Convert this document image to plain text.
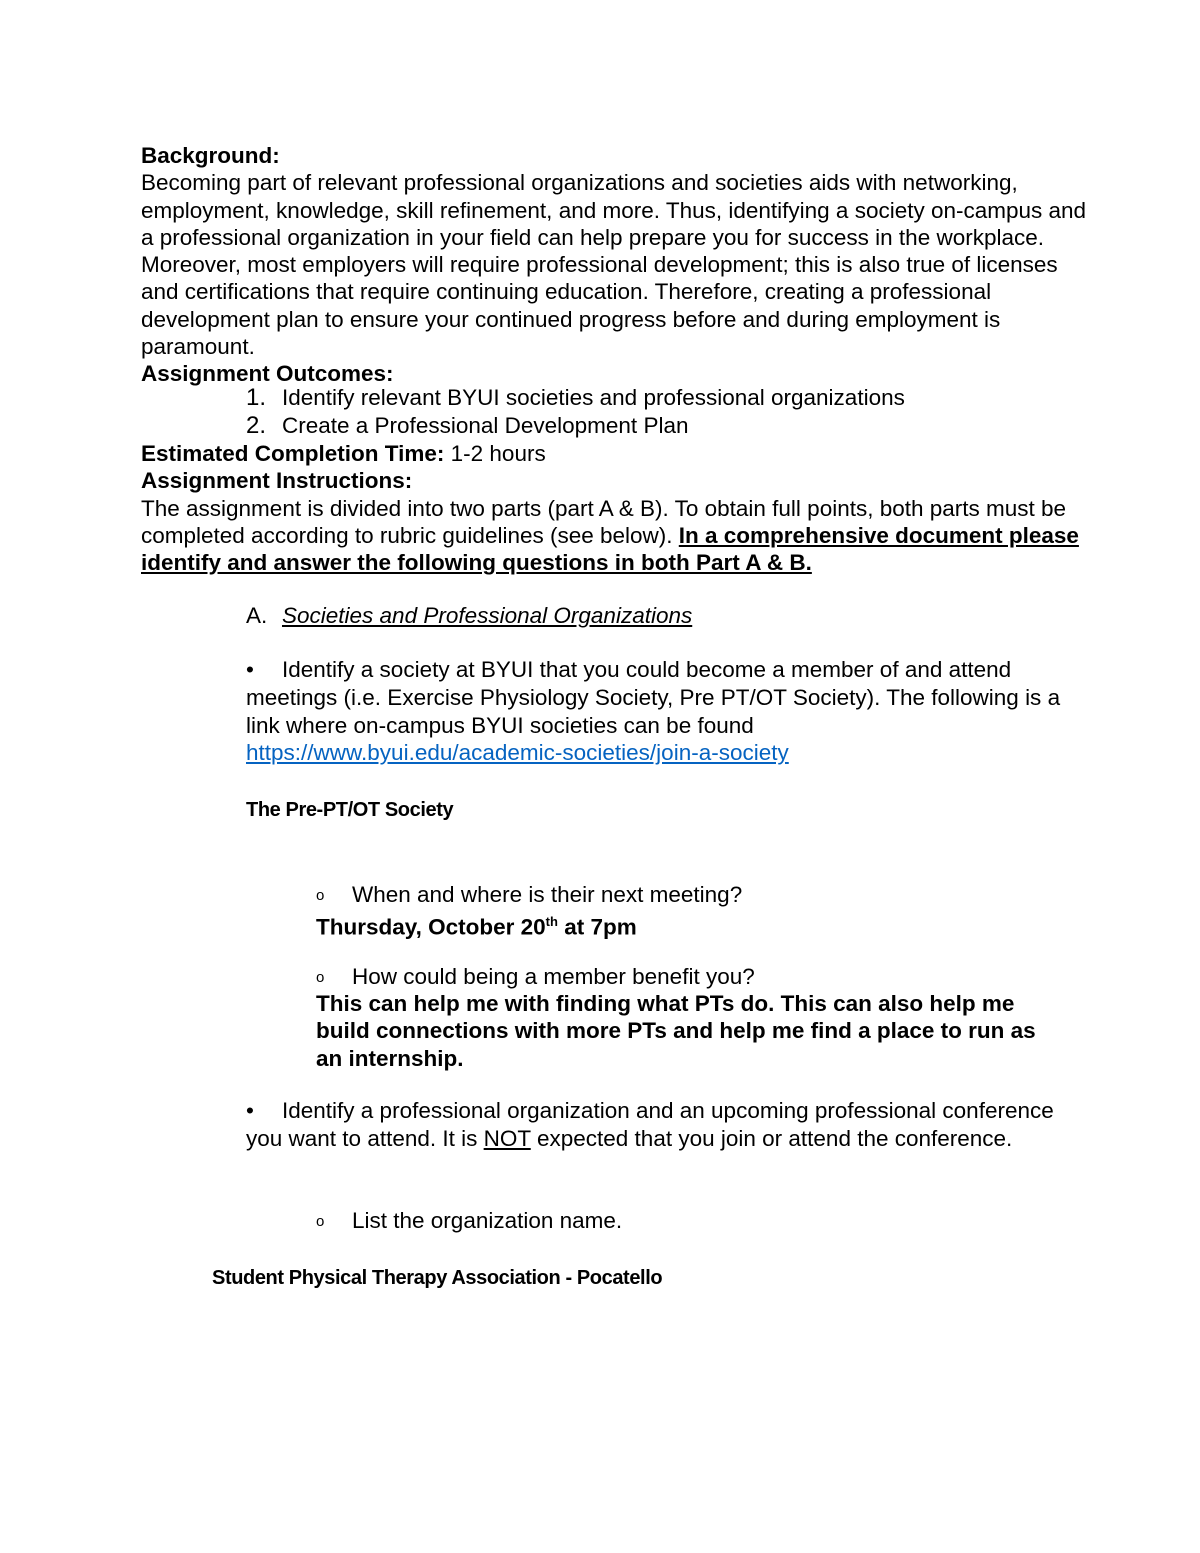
Background:
Becoming part of relevant professional organizations and societies aids with networking, employment, knowledge, skill refinement, and more. Thus, identifying a society on-campus and a professional organization in your field can help prepare you for success in the workplace. Moreover, most employers will require professional development; this is also true of licenses and certifications that require continuing education. Therefore, creating a professional development plan to ensure your continued progress before and during employment is paramount.
Assignment Outcomes:
1. Identify relevant BYUI societies and professional organizations
2. Create a Professional Development Plan
Estimated Completion Time: 1-2 hours
Assignment Instructions:
The assignment is divided into two parts (part A & B). To obtain full points, both parts must be completed according to rubric guidelines (see below). In a comprehensive document please identify and answer the following questions in both Part A & B.
A. Societies and Professional Organizations
• Identify a society at BYUI that you could become a member of and attend meetings (i.e. Exercise Physiology Society, Pre PT/OT Society). The following is a link where on-campus BYUI societies can be found
https://www.byui.edu/academic-societies/join-a-society
The Pre-PT/OT Society
o When and where is their next meeting?
Thursday, October 20th at 7pm
o How could being a member benefit you?
This can help me with finding what PTs do. This can also help me build connections with more PTs and help me find a place to run as an internship.
• Identify a professional organization and an upcoming professional conference you want to attend. It is NOT expected that you join or attend the conference.
o List the organization name.
Student Physical Therapy Association - Pocatello
